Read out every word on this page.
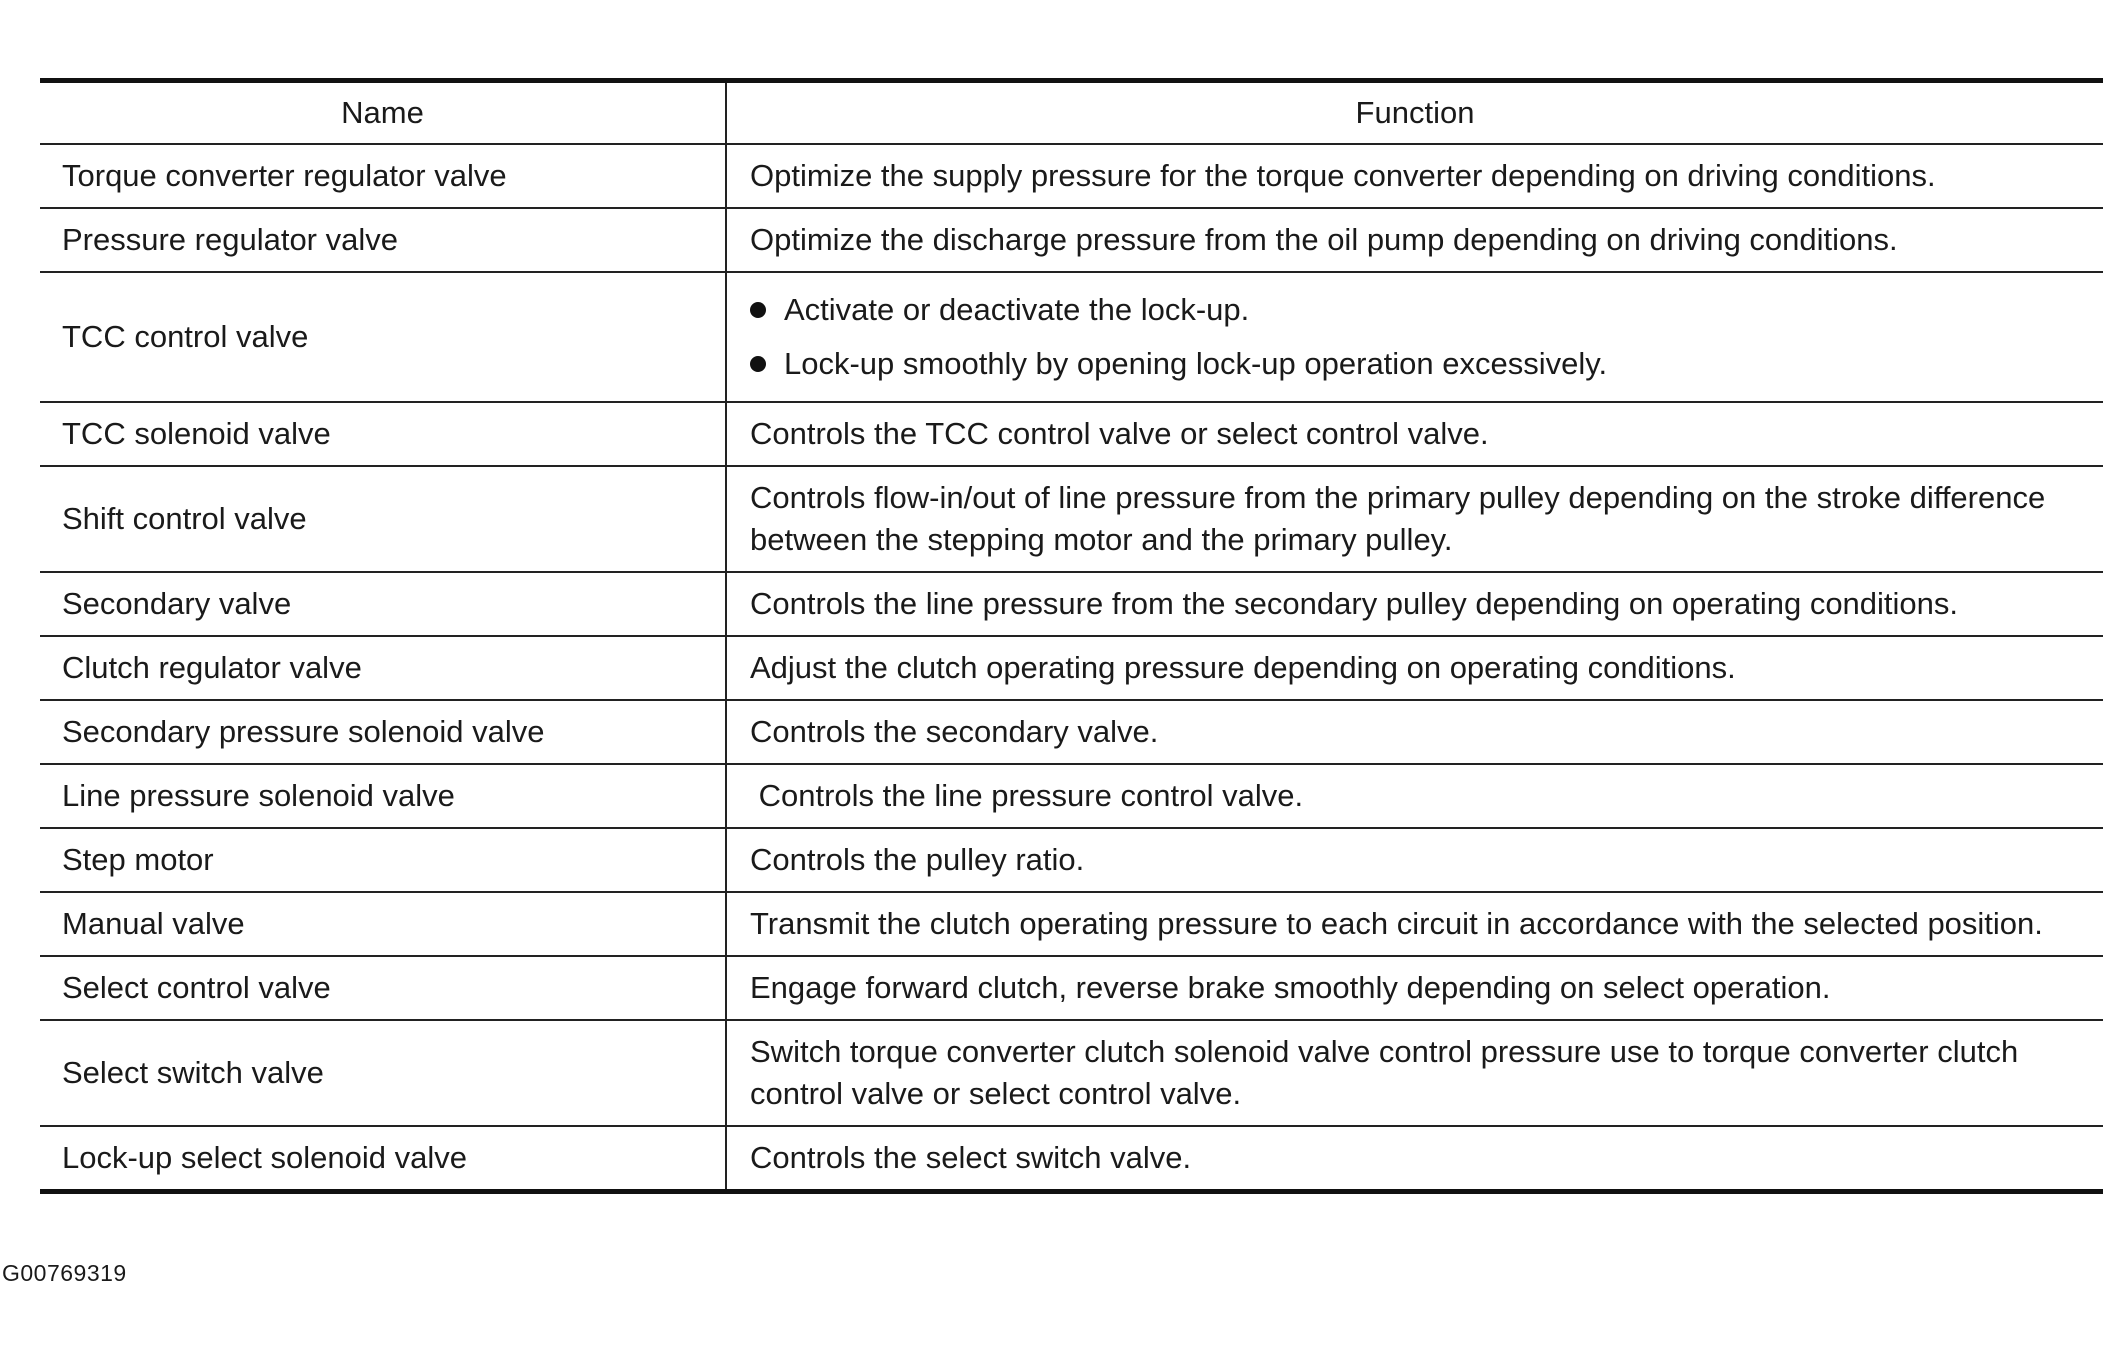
Name	Function
Torque converter regulator valve	Optimize the supply pressure for the torque converter depending on driving conditions.
Pressure regulator valve	Optimize the discharge pressure from the oil pump depending on driving conditions.
TCC control valve	Activate or deactivate the lock-up.
Lock-up smoothly by opening lock-up operation excessively.

TCC solenoid valve	Controls the TCC control valve or select control valve.
Shift control valve	Controls flow-in/out of line pressure from the primary pulley depending on the stroke difference between the stepping motor and the primary pulley.
Secondary valve	Controls the line pressure from the secondary pulley depending on operating conditions.
Clutch regulator valve	Adjust the clutch operating pressure depending on operating conditions.
Secondary pressure solenoid valve	Controls the secondary valve.
Line pressure solenoid valve	Controls the line pressure control valve.
Step motor	Controls the pulley ratio.
Manual valve	Transmit the clutch operating pressure to each circuit in accordance with the selected position.
Select control valve	Engage forward clutch, reverse brake smoothly depending on select operation.
Select switch valve	Switch torque converter clutch solenoid valve control pressure use to torque converter clutch control valve or select control valve.
Lock-up select solenoid valve	Controls the select switch valve.
G00769319
